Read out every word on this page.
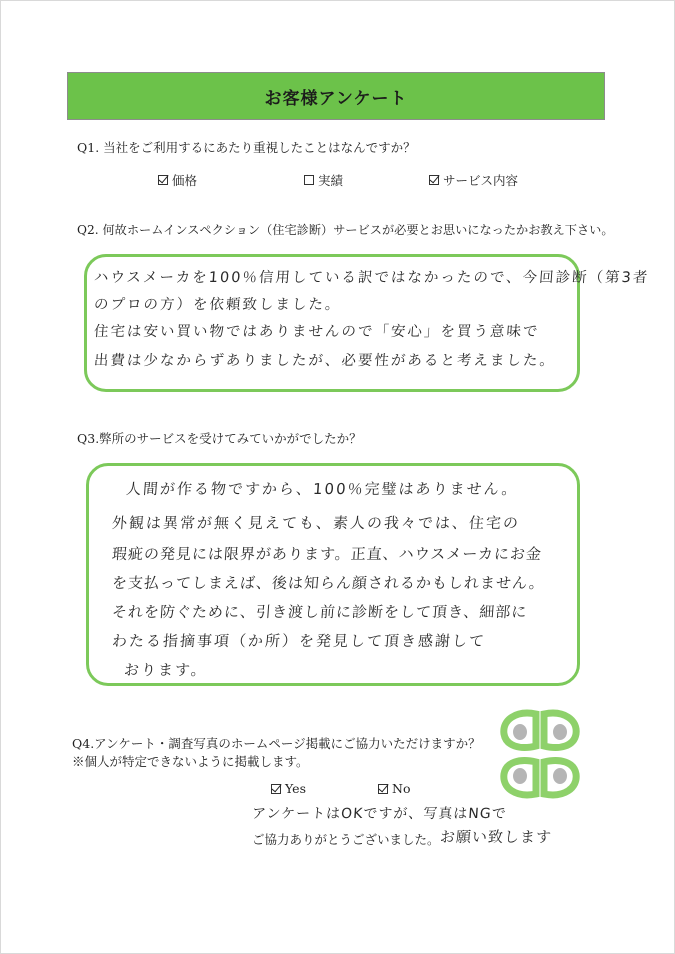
お客様アンケート
Q1. 当社をご利用するにあたり重視したことはなんですか？
価格	実績	サービス内容
Q2. 何故ホームインスペクション（住宅診断）サービスが必要とお思いになったかお教え下さい。
ハウスメーカを100％信用している訳ではなかったので、今回診断（第3者
のプロの方）を依頼致しました。
住宅は安い買い物ではありませんので「安心」を買う意味で
出費は少なからずありましたが、必要性があると考えました。
Q3.弊所のサービスを受けてみていかがでしたか？
人間が作る物ですから、100％完璧はありません。
外観は異常が無く見えても、素人の我々では、住宅の
瑕疵の発見には限界があります。正直、ハウスメーカにお金
を支払ってしまえば、後は知らん顔されるかもしれません。
それを防ぐために、引き渡し前に診断をして頂き、細部に
わたる指摘事項（か所）を発見して頂き感謝して
おります。
Q4.アンケート・調査写真のホームページ掲載にご協力いただけますか？
※個人が特定できないように掲載します。
Yes	No
アンケートはOKですが、写真はNGで
ご協力ありがとうございました。 お願い致します
